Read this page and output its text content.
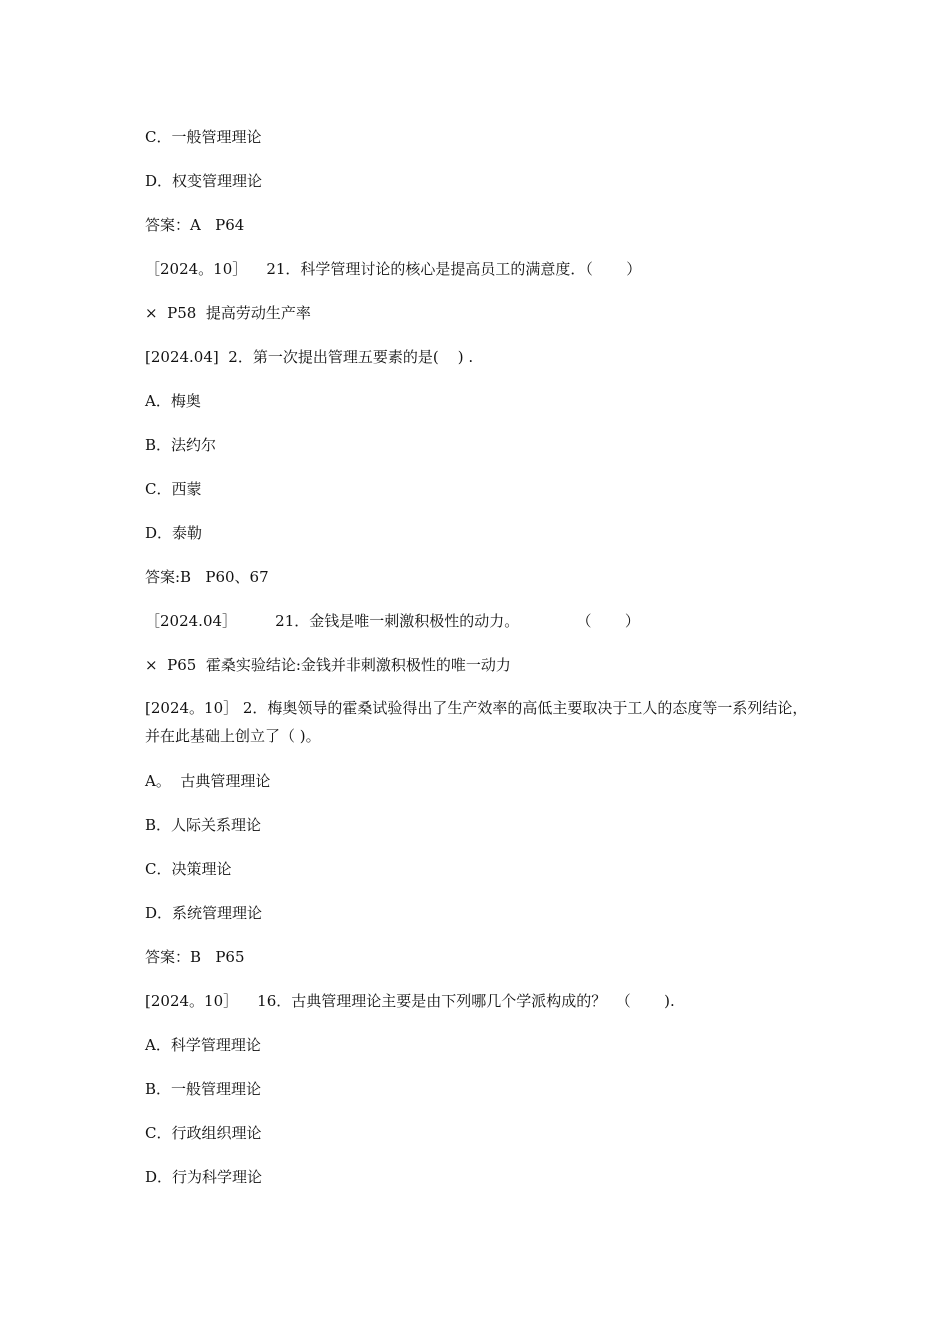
C．一般管理理论
D．权变管理理论
答案：A   P64
［2024。10］    21．科学管理讨论的核心是提高员工的满意度．（       ）
×  P58  提高劳动生产率
[2024.04]  2．第一次提出管理五要素的是(    ) .
A．梅奥
B．法约尔
C．西蒙
D．泰勒
答案:B   P60、67
［2024.04］        21．金钱是唯一刺激积极性的动力。            （       ）
×  P65  霍桑实验结论:金钱并非刺激积极性的唯一动力
[2024。10］ 2．梅奥领导的霍桑试验得出了生产效率的高低主要取决于工人的态度等一系列结论，并在此基础上创立了（ )。
A。  古典管理理论
B．人际关系理论
C．决策理论
D．系统管理理论
答案：B   P65
[2024。10］    16．古典管理理论主要是由下列哪几个学派构成的？  （       ).
A．科学管理理论
B．一般管理理论
C．行政组织理论
D．行为科学理论
